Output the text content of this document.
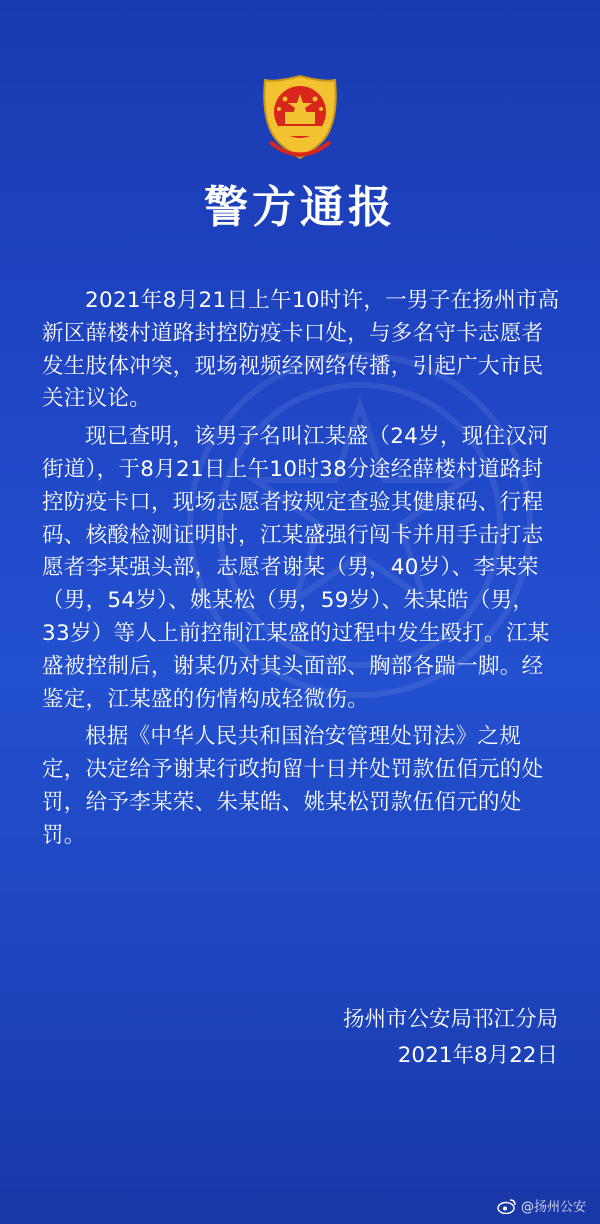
警方通报

2021年8月21日上午10时许，一男子在扬州市高新区薛楼村道路封控防疫卡口处，与多名守卡志愿者发生肢体冲突，现场视频经网络传播，引起广大市民关注议论。

现已查明，该男子名叫江某盛（24岁，现住汉河街道），于8月21日上午10时38分途经薛楼村道路封控防疫卡口，现场志愿者按规定查验其健康码、行程码、核酸检测证明时，江某盛强行闯卡并用手击打志愿者李某强头部，志愿者谢某（男，40岁）、李某荣（男，54岁）、姚某松（男，59岁）、朱某皓（男，33岁）等人上前控制江某盛的过程中发生殴打。江某盛被控制后，谢某仍对其头面部、胸部各踹一脚。经鉴定，江某盛的伤情构成轻微伤。

根据《中华人民共和国治安管理处罚法》之规定，决定给予谢某行政拘留十日并处罚款伍佰元的处罚，给予李某荣、朱某皓、姚某松罚款伍佰元的处罚。

扬州市公安局邗江分局
2021年8月22日
@扬州公安
